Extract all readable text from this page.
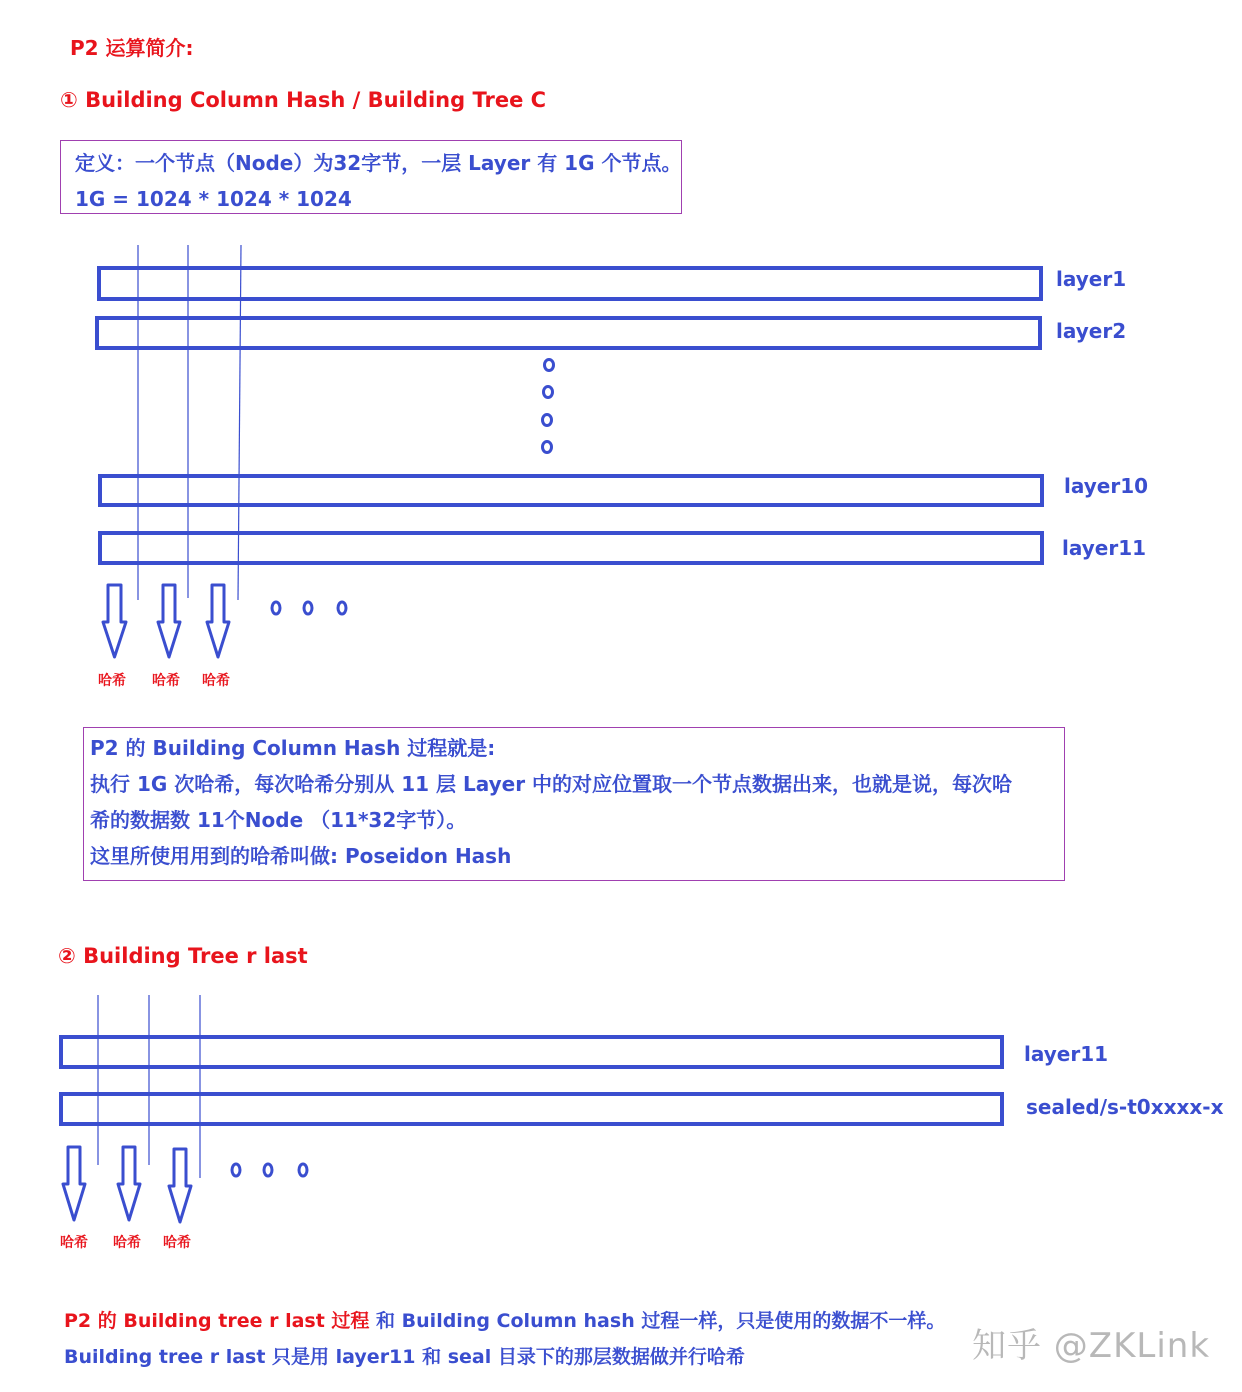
P2 运算简介:
① Building Column Hash / Building Tree C

定义：一个节点（Node）为32字节，一层 Layer 有 1G 个节点。

1G = 1024 * 1024 * 1024

layer1
layer2
layer10
layer11
哈希 哈希 哈希

P2 的 Building Column Hash 过程就是:

执行 1G 次哈希，每次哈希分别从 11 层 Layer 中的对应位置取一个节点数据出来，也就是说，每次哈

希的数据数 11个Node （11*32字节）。

这里所使用用到的哈希叫做: Poseidon Hash

② Building Tree r last
layer11
sealed/s-t0xxxx-x
哈希 哈希 哈希
P2 的 Building tree r last 过程 和 Building Column hash 过程一样，只是使用的数据不一样。
Building tree r last 只是用 layer11 和 seal 目录下的那层数据做并行哈希	知乎 @ZKLink
